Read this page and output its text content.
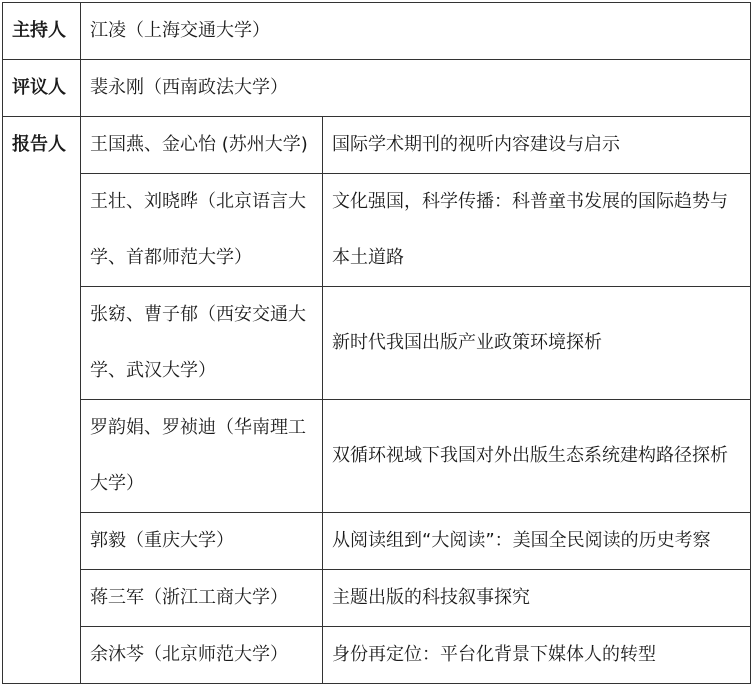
主持人	江凌（上海交通大学）	
评议人	裴永刚（西南政法大学）	
报告人	王国燕、金心怡 (苏州大学)	国际学术期刊的视听内容建设与启示
	王壮、刘晓晔（北京语言大学、首都师范大学）	文化强国，科学传播：科普童书发展的国际趋势与本土道路
	张窈、曹子郁（西安交通大学、武汉大学）	新时代我国出版产业政策环境探析
	罗韵娟、罗祯迪（华南理工大学）	双循环视域下我国对外出版生态系统建构路径探析
	郭毅（重庆大学）	从阅读组到“大阅读”：美国全民阅读的历史考察
	蒋三军（浙江工商大学）	主题出版的科技叙事探究
	余沐芩（北京师范大学）	身份再定位：平台化背景下媒体人的转型
